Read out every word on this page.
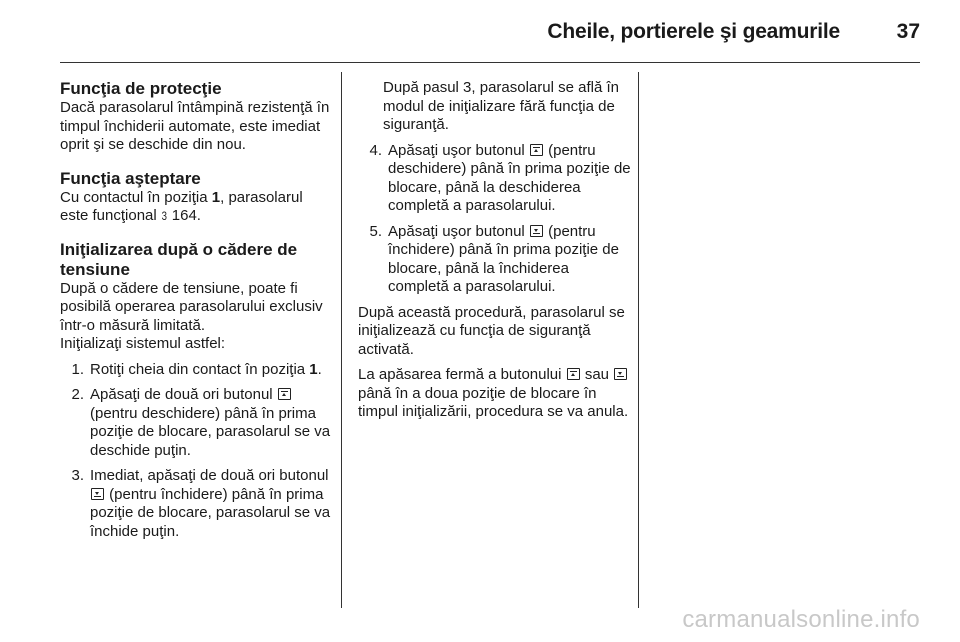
Cheile, portierele şi geamurile	37

Funcţia de protecţie

Dacă parasolarul întâmpină rezistenţă în timpul închiderii automate, este imediat oprit şi se deschide din nou.

Funcţia aşteptare

Cu contactul în poziţia 1, parasolarul este funcţional 3 164.

Iniţializarea după o cădere de tensiune

După o cădere de tensiune, poate fi posibilă operarea parasolarului exclusiv într-o măsură limitată.

Iniţializaţi sistemul astfel:

1. Rotiţi cheia din contact în poziţia 1.
2. Apăsaţi de două ori butonul  (pentru deschidere) până în prima poziţie de blocare, parasolarul se va deschide puţin.
3. Imediat, apăsaţi de două ori butonul  (pentru închidere) până în prima poziţie de blocare, parasolarul se va închide puţin.

După pasul 3, parasolarul se află în modul de iniţializare fără funcţia de siguranţă.

4. Apăsaţi uşor butonul  (pentru deschidere) până în prima poziţie de blocare, până la deschiderea completă a parasolarului.
5. Apăsaţi uşor butonul  (pentru închidere) până în prima poziţie de blocare, până la închiderea completă a parasolarului.

După această procedură, parasolarul se iniţializează cu funcţia de siguranţă activată.

La apăsarea fermă a butonului  sau  până în a doua poziţie de blocare în timpul iniţializării, procedura se va anula.

carmanualsonline.info
